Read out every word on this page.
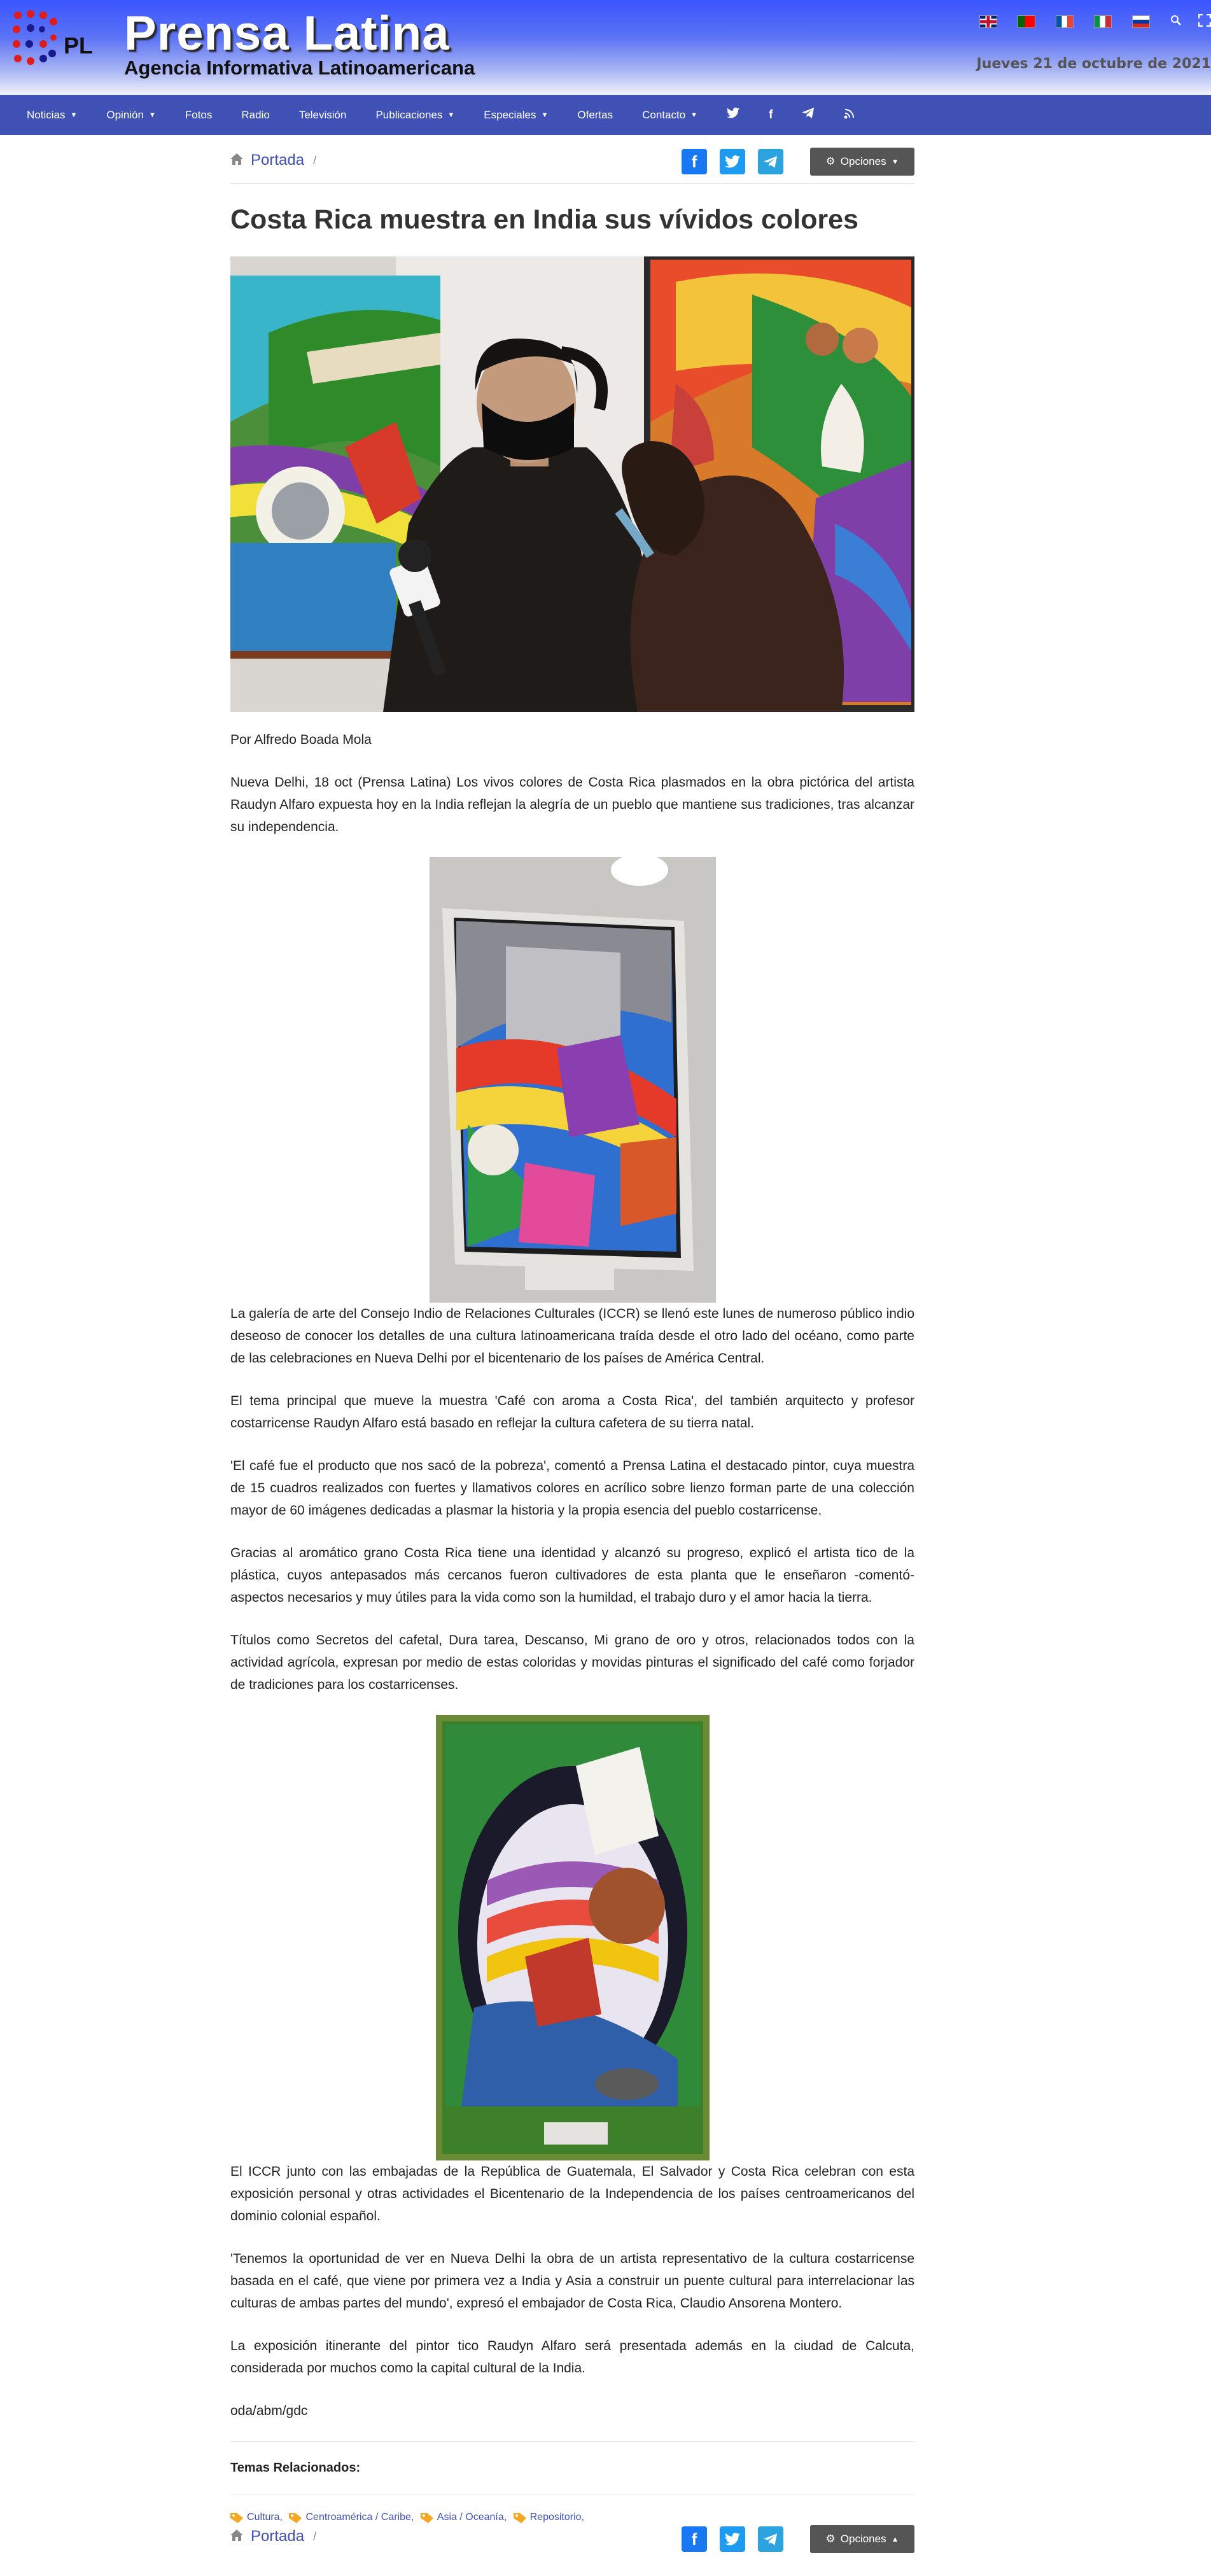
PL Prensa Latina
Agencia Informativa Latinoamericana	Jueves 21 de octubre de 2021
Noticias ▼	Opinión ▼	Fotos	Radio	Televisión	Publicaciones ▼	Especiales ▼	Ofertas	Contacto ▼	f
Portada /	f	⚙ Opciones ▼
Costa Rica muestra en India sus vívidos colores

Por Alfredo Boada Mola

Nueva Delhi, 18 oct (Prensa Latina) Los vivos colores de Costa Rica plasmados en la obra pictórica del artista Raudyn Alfaro expuesta hoy en la India reflejan la alegría de un pueblo que mantiene sus tradiciones, tras alcanzar su independencia.

La galería de arte del Consejo Indio de Relaciones Culturales (ICCR) se llenó este lunes de numeroso público indio deseoso de conocer los detalles de una cultura latinoamericana traída desde el otro lado del océano, como parte de las celebraciones en Nueva Delhi por el bicentenario de los países de América Central.

El tema principal que mueve la muestra 'Café con aroma a Costa Rica', del también arquitecto y profesor costarricense Raudyn Alfaro está basado en reflejar la cultura cafetera de su tierra natal.

'El café fue el producto que nos sacó de la pobreza', comentó a Prensa Latina el destacado pintor, cuya muestra de 15 cuadros realizados con fuertes y llamativos colores en acrílico sobre lienzo forman parte de una colección mayor de 60 imágenes dedicadas a plasmar la historia y la propia esencia del pueblo costarricense.

Gracias al aromático grano Costa Rica tiene una identidad y alcanzó su progreso, explicó el artista tico de la plástica, cuyos antepasados más cercanos fueron cultivadores de esta planta que le enseñaron -comentó- aspectos necesarios y muy útiles para la vida como son la humildad, el trabajo duro y el amor hacia la tierra.

Títulos como Secretos del cafetal, Dura tarea, Descanso, Mi grano de oro y otros, relacionados todos con la actividad agrícola, expresan por medio de estas coloridas y movidas pinturas el significado del café como forjador de tradiciones para los costarricenses.

El ICCR junto con las embajadas de la República de Guatemala, El Salvador y Costa Rica celebran con esta exposición personal y otras actividades el Bicentenario de la Independencia de los países centroamericanos del dominio colonial español.

'Tenemos la oportunidad de ver en Nueva Delhi la obra de un artista representativo de la cultura costarricense basada en el café, que viene por primera vez a India y Asia a construir un puente cultural para interrelacionar las culturas de ambas partes del mundo', expresó el embajador de Costa Rica, Claudio Ansorena Montero.

La exposición itinerante del pintor tico Raudyn Alfaro será presentada además en la ciudad de Calcuta, considerada por muchos como la capital cultural de la India.

oda/abm/gdc

Temas Relacionados:
Cultura,
Centroamérica / Caribe,
Asia / Oceanía,
Repositorio,
Portada /	f	⚙ Opciones ▲
